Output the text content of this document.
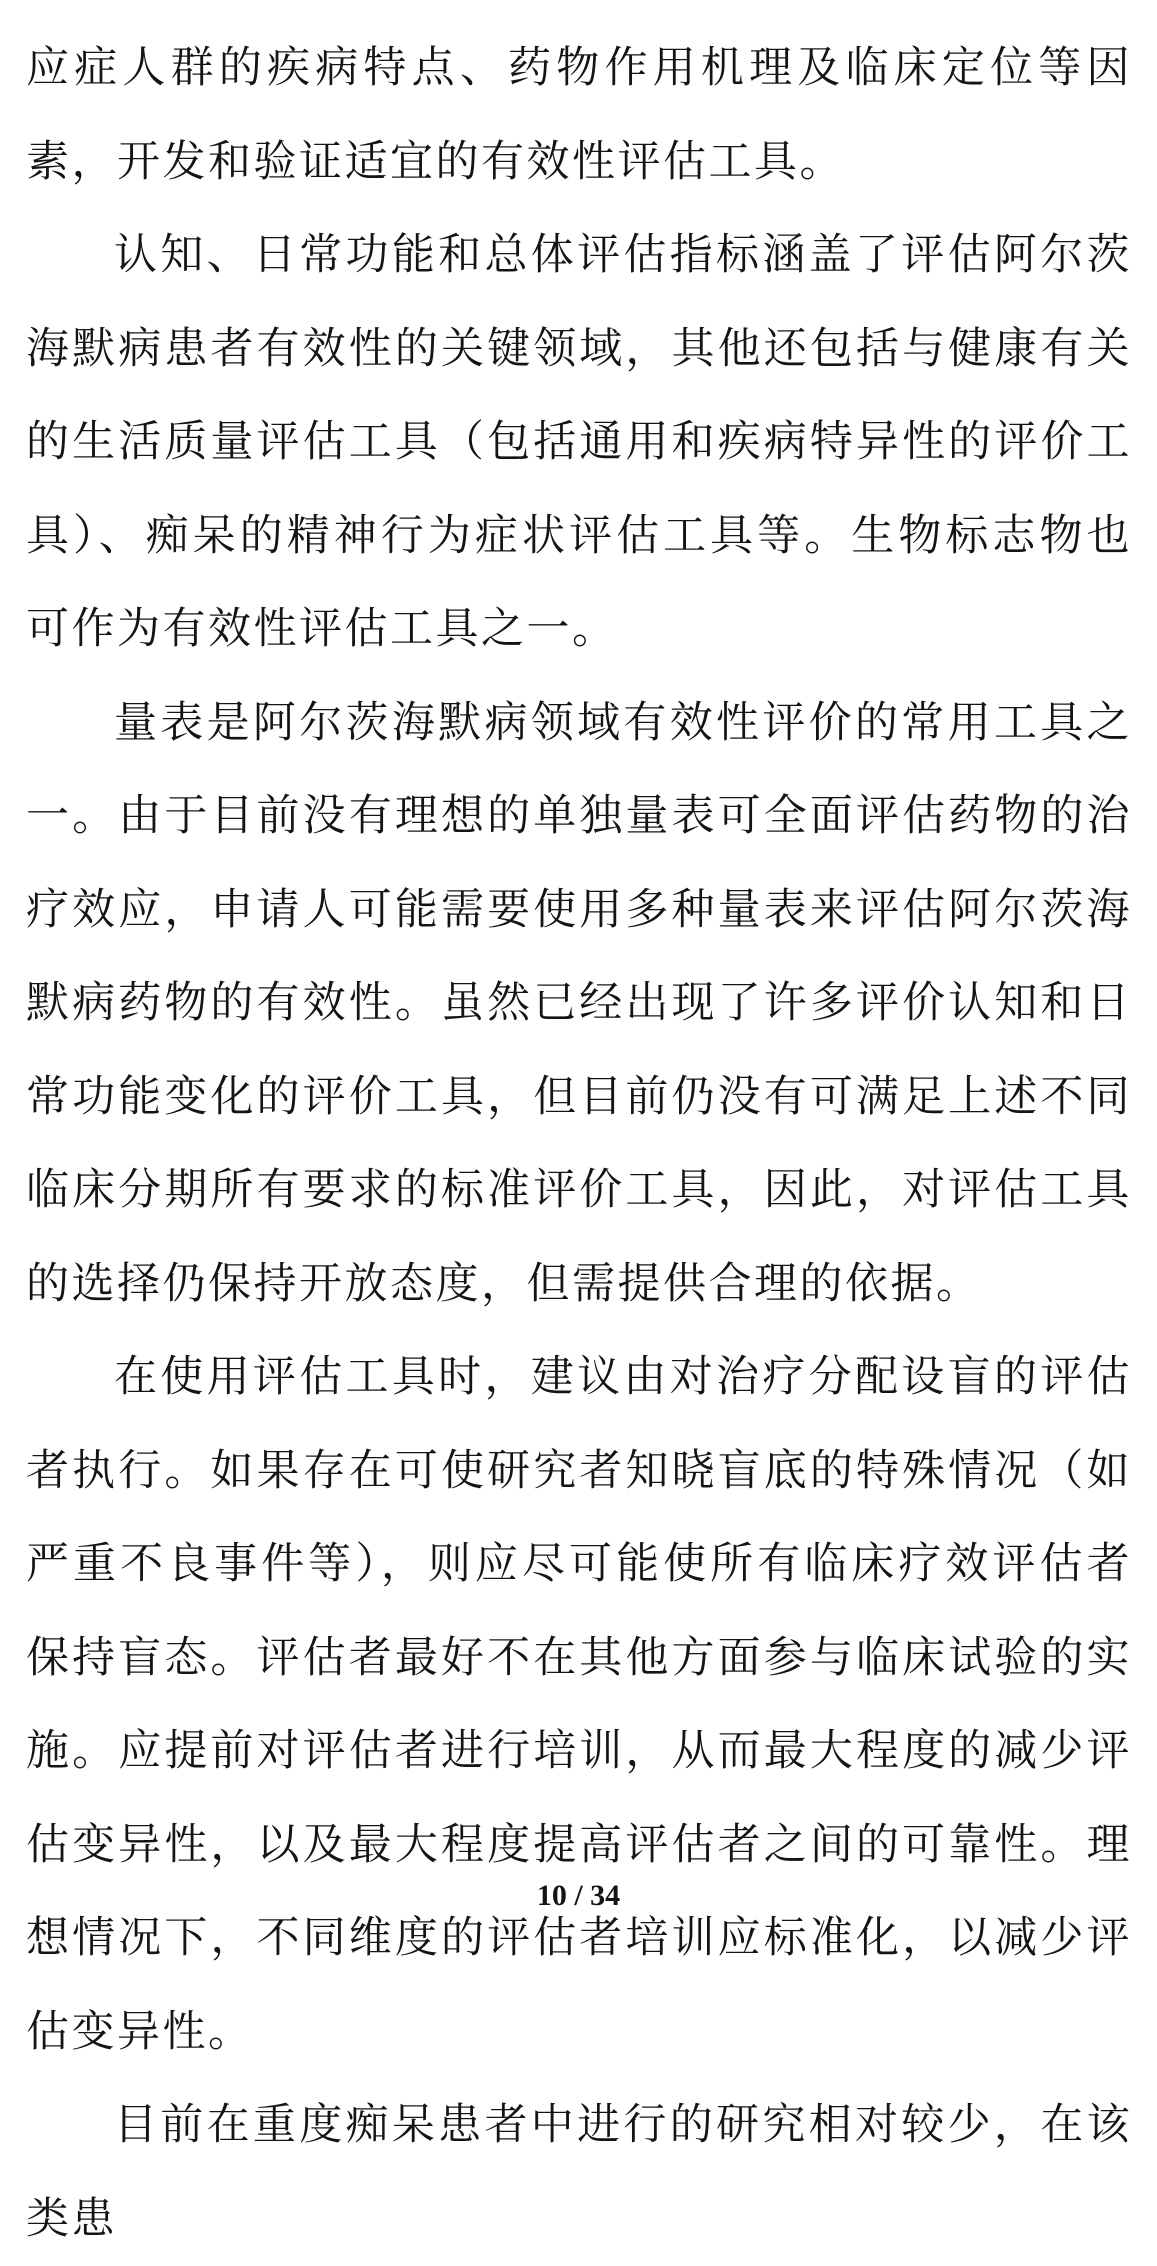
应症人群的疾病特点、药物作用机理及临床定位等因素，开发和验证适宜的有效性评估工具。

认知、日常功能和总体评估指标涵盖了评估阿尔茨海默病患者有效性的关键领域，其他还包括与健康有关的生活质量评估工具（包括通用和疾病特异性的评价工具）、痴呆的精神行为症状评估工具等。生物标志物也可作为有效性评估工具之一。

量表是阿尔茨海默病领域有效性评价的常用工具之一。由于目前没有理想的单独量表可全面评估药物的治疗效应，申请人可能需要使用多种量表来评估阿尔茨海默病药物的有效性。虽然已经出现了许多评价认知和日常功能变化的评价工具，但目前仍没有可满足上述不同临床分期所有要求的标准评价工具，因此，对评估工具的选择仍保持开放态度，但需提供合理的依据。

在使用评估工具时，建议由对治疗分配设盲的评估者执行。如果存在可使研究者知晓盲底的特殊情况（如严重不良事件等），则应尽可能使所有临床疗效评估者保持盲态。评估者最好不在其他方面参与临床试验的实施。应提前对评估者进行培训，从而最大程度的减少评估变异性，以及最大程度提高评估者之间的可靠性。理想情况下，不同维度的评估者培训应标准化，以减少评估变异性。

目前在重度痴呆患者中进行的研究相对较少，在该类患

10 / 34
